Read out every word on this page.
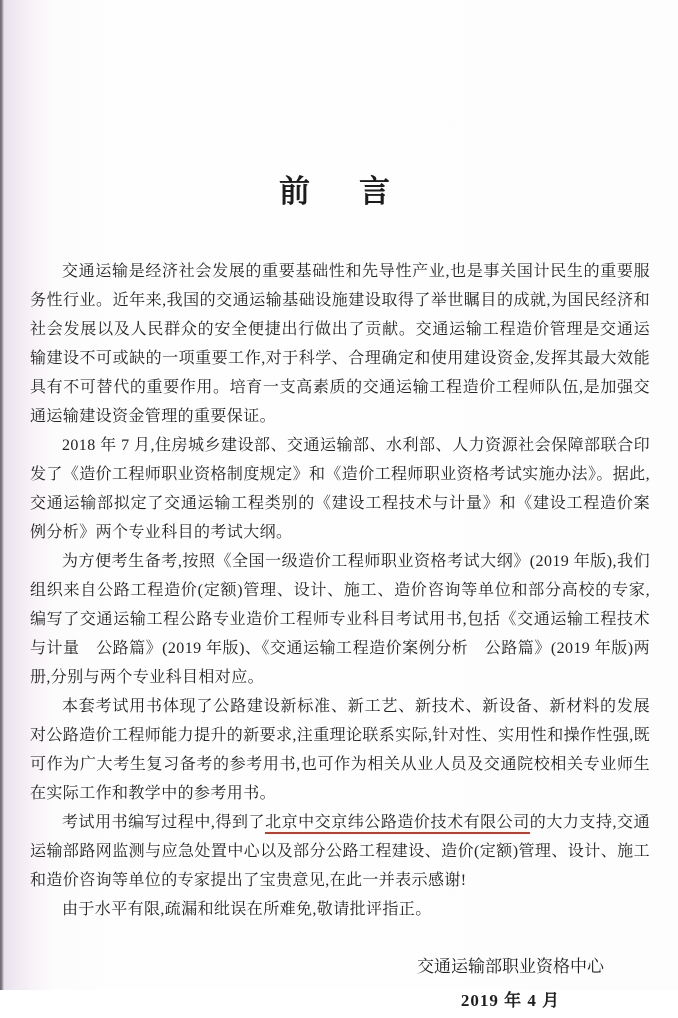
前　言

交通运输是经济社会发展的重要基础性和先导性产业,也是事关国计民生的重要服务性行业。近年来,我国的交通运输基础设施建设取得了举世瞩目的成就,为国民经济和社会发展以及人民群众的安全便捷出行做出了贡献。交通运输工程造价管理是交通运输建设不可或缺的一项重要工作,对于科学、合理确定和使用建设资金,发挥其最大效能具有不可替代的重要作用。培育一支高素质的交通运输工程造价工程师队伍,是加强交通运输建设资金管理的重要保证。

2018 年 7 月,住房城乡建设部、交通运输部、水利部、人力资源社会保障部联合印发了《造价工程师职业资格制度规定》和《造价工程师职业资格考试实施办法》。据此,交通运输部拟定了交通运输工程类别的《建设工程技术与计量》和《建设工程造价案例分析》两个专业科目的考试大纲。

为方便考生备考,按照《全国一级造价工程师职业资格考试大纲》(2019 年版),我们组织来自公路工程造价(定额)管理、设计、施工、造价咨询等单位和部分高校的专家,编写了交通运输工程公路专业造价工程师专业科目考试用书,包括《交通运输工程技术与计量　公路篇》(2019 年版)、《交通运输工程造价案例分析　公路篇》(2019 年版)两册,分别与两个专业科目相对应。

本套考试用书体现了公路建设新标准、新工艺、新技术、新设备、新材料的发展对公路造价工程师能力提升的新要求,注重理论联系实际,针对性、实用性和操作性强,既可作为广大考生复习备考的参考用书,也可作为相关从业人员及交通院校相关专业师生在实际工作和教学中的参考用书。

考试用书编写过程中,得到了北京中交京纬公路造价技术有限公司的大力支持,交通运输部路网监测与应急处置中心以及部分公路工程建设、造价(定额)管理、设计、施工和造价咨询等单位的专家提出了宝贵意见,在此一并表示感谢!

由于水平有限,疏漏和纰误在所难免,敬请批评指正。

交通运输部职业资格中心
2019 年 4 月
